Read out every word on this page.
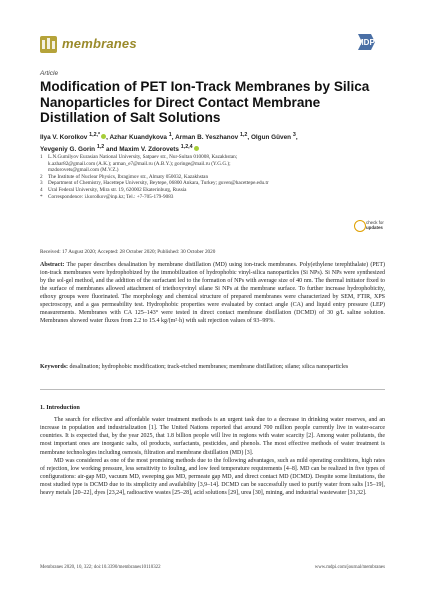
membranes	MDPI
Article
Modification of PET Ion-Track Membranes by Silica Nanoparticles for Direct Contact Membrane Distillation of Salt Solutions
Ilya V. Korolkov $^{1,2,*}$ , Azhar Kuandykova $^1$, Arman B. Yeszhanov $^{1,2}$, Olgun Güven $^3$,
Yevgeniy G. Gorin $^{1,2}$ and Maxim V. Zdorovets $^{1,2,4}$
1	L.N.Gumilyov Eurasian National University, Satpaev str., Nur-Sultan 010008, Kazakhstan;
k.azhar82@gmail.com (A.K.); arman_e7@mail.ru (A.B.Y.); goringe@mail.ru (Y.G.G.);
mzdorovets@gmail.com (M.V.Z.)
2	The Institute of Nuclear Physics, Ibragimov str., Almaty 050032, Kazakhstan
3	Department of Chemistry, Hacettepe University, Beytepe, 06800 Ankara, Turkey; guven@hacettepe.edu.tr
4	Ural Federal University, Mira str. 19, 620002 Ekaterinburg, Russia
*	Correspondence: i.korolkov@inp.kz; Tel.: +7-705-179-9083
check for
updates
Received: 17 August 2020; Accepted: 28 October 2020; Published: 30 October 2020
Abstract: The paper describes desalination by membrane distillation (MD) using ion-track membranes. Poly(ethylene terephthalate) (PET) ion-track membranes were hydrophobized by the immobilization of hydrophobic vinyl-silica nanoparticles (Si NPs). Si NPs were synthesized by the sol-gel method, and the addition of the surfactant led to the formation of NPs with average size of 40 nm. The thermal initiator fixed to the surface of membranes allowed attachment of triethoxyvinyl silane Si NPs at the membrane surface. To further increase hydrophobicity, ethoxy groups were fluorinated. The morphology and chemical structure of prepared membranes were characterized by SEM, FTIR, XPS spectroscopy, and a gas permeability test. Hydrophobic properties were evaluated by contact angle (CA) and liquid entry pressure (LEP) measurements. Membranes with CA 125–143° were tested in direct contact membrane distillation (DCMD) of 30 g/L saline solution. Membranes showed water fluxes from 2.2 to 15.4 kg/(m²·h) with salt rejection values of 93–99%.
Keywords: desalination; hydrophobic modification; track-etched membranes; membrane distillation; silane; silica nanoparticles
1. Introduction

The search for effective and affordable water treatment methods is an urgent task due to a decrease in drinking water reserves, and an increase in population and industrialization [1]. The United Nations reported that around 700 million people currently live in water-scarce countries. It is expected that, by the year 2025, that 1.8 billion people will live in regions with water scarcity [2]. Among water pollutants, the most important ones are inorganic salts, oil products, surfactants, pesticides, and phenols. The most effective methods of water treatment is membrane technologies including osmosis, filtration and membrane distillation (MD) [3].

MD was considered as one of the most promising methods due to the following advantages, such as mild operating conditions, high rates of rejection, low working pressure, less sensitivity to fouling, and low feed temperature requirements [4–8]. MD can be realized in five types of configurations: air-gap MD, vacuum MD, sweeping gas MD, permeate gap MD, and direct contact MD (DCMD). Despite some limitations, the most studied type is DCMD due to its simplicity and availability [3,9–14]. DCMD can be successfully used to purify water from salts [15–19], heavy metals [20–22], dyes [23,24], radioactive wastes [25–28], acid solutions [29], urea [30], mining, and industrial wastewater [31,32].

Membranes 2020, 10, 322; doi:10.3390/membranes10110322	www.mdpi.com/journal/membranes
